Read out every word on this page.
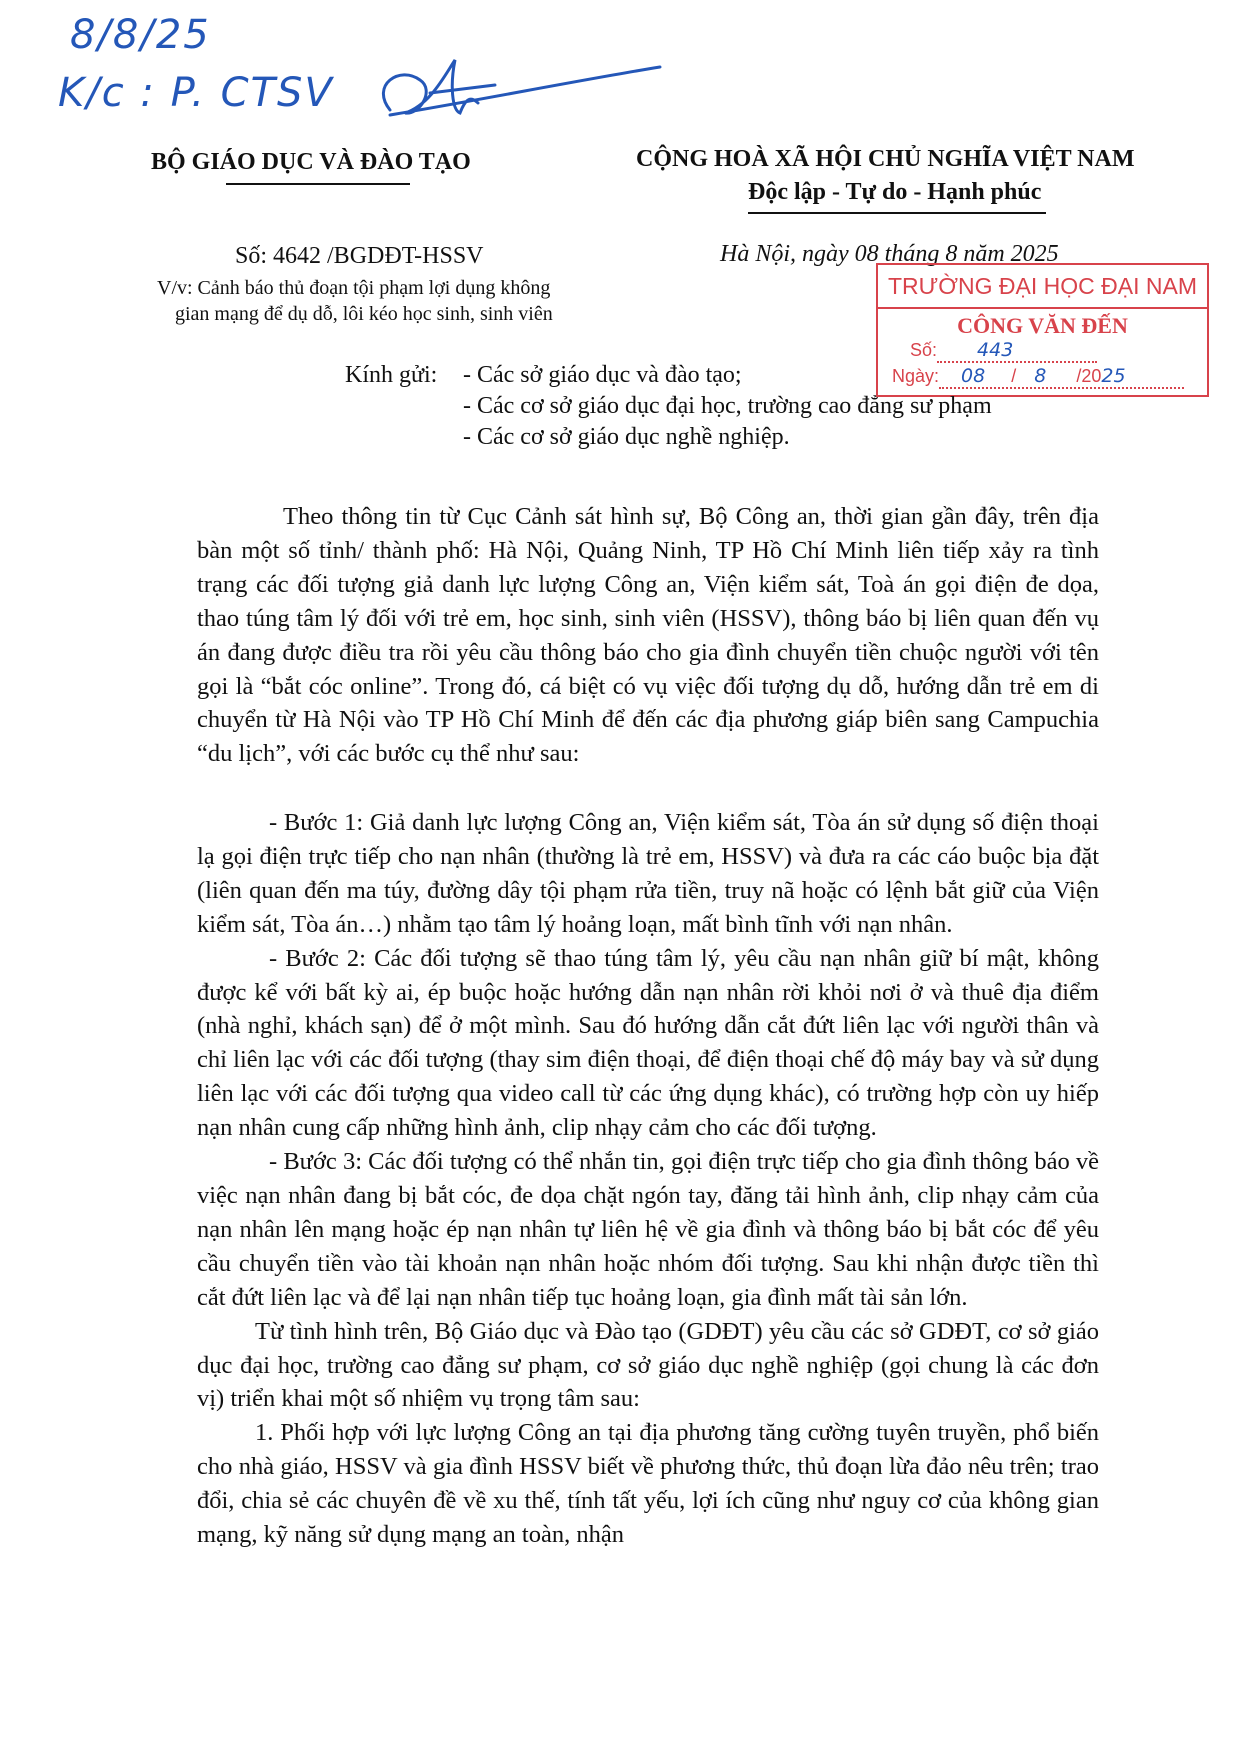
8/8/25
K/c : P. CTSV
BỘ GIÁO DỤC VÀ ĐÀO TẠO	CỘNG HOÀ XÃ HỘI CHỦ NGHĨA VIỆT NAM
Độc lập - Tự do - Hạnh phúc
Số: 4642 /BGDĐT-HSSV	Hà Nội, ngày 08 tháng 8 năm 2025
V/v: Cảnh báo thủ đoạn tội phạm lợi dụng không
gian mạng để dụ dỗ, lôi kéo học sinh, sinh viên
TRƯỜNG ĐẠI HỌC ĐẠI NAM
CÔNG VĂN ĐẾN
Số: 443
Ngày: 08 / 8 /2025
Kính gửi: - Các sở giáo dục và đào tạo;
- Các cơ sở giáo dục đại học, trường cao đẳng sư phạm
- Các cơ sở giáo dục nghề nghiệp.

Theo thông tin từ Cục Cảnh sát hình sự, Bộ Công an, thời gian gần đây, trên địa bàn một số tỉnh/ thành phố: Hà Nội, Quảng Ninh, TP Hồ Chí Minh liên tiếp xảy ra tình trạng các đối tượng giả danh lực lượng Công an, Viện kiểm sát, Toà án gọi điện đe dọa, thao túng tâm lý đối với trẻ em, học sinh, sinh viên (HSSV), thông báo bị liên quan đến vụ án đang được điều tra rồi yêu cầu thông báo cho gia đình chuyển tiền chuộc người với tên gọi là “bắt cóc online”. Trong đó, cá biệt có vụ việc đối tượng dụ dỗ, hướng dẫn trẻ em di chuyển từ Hà Nội vào TP Hồ Chí Minh để đến các địa phương giáp biên sang Campuchia “du lịch”, với các bước cụ thể như sau:

- Bước 1: Giả danh lực lượng Công an, Viện kiểm sát, Tòa án sử dụng số điện thoại lạ gọi điện trực tiếp cho nạn nhân (thường là trẻ em, HSSV) và đưa ra các cáo buộc bịa đặt (liên quan đến ma túy, đường dây tội phạm rửa tiền, truy nã hoặc có lệnh bắt giữ của Viện kiểm sát, Tòa án…) nhằm tạo tâm lý hoảng loạn, mất bình tĩnh với nạn nhân.

- Bước 2: Các đối tượng sẽ thao túng tâm lý, yêu cầu nạn nhân giữ bí mật, không được kể với bất kỳ ai, ép buộc hoặc hướng dẫn nạn nhân rời khỏi nơi ở và thuê địa điểm (nhà nghỉ, khách sạn) để ở một mình. Sau đó hướng dẫn cắt đứt liên lạc với người thân và chỉ liên lạc với các đối tượng (thay sim điện thoại, để điện thoại chế độ máy bay và sử dụng liên lạc với các đối tượng qua video call từ các ứng dụng khác), có trường hợp còn uy hiếp nạn nhân cung cấp những hình ảnh, clip nhạy cảm cho các đối tượng.

- Bước 3: Các đối tượng có thể nhắn tin, gọi điện trực tiếp cho gia đình thông báo về việc nạn nhân đang bị bắt cóc, đe dọa chặt ngón tay, đăng tải hình ảnh, clip nhạy cảm của nạn nhân lên mạng hoặc ép nạn nhân tự liên hệ về gia đình và thông báo bị bắt cóc để yêu cầu chuyển tiền vào tài khoản nạn nhân hoặc nhóm đối tượng. Sau khi nhận được tiền thì cắt đứt liên lạc và để lại nạn nhân tiếp tục hoảng loạn, gia đình mất tài sản lớn.

Từ tình hình trên, Bộ Giáo dục và Đào tạo (GDĐT) yêu cầu các sở GDĐT, cơ sở giáo dục đại học, trường cao đẳng sư phạm, cơ sở giáo dục nghề nghiệp (gọi chung là các đơn vị) triển khai một số nhiệm vụ trọng tâm sau:

1. Phối hợp với lực lượng Công an tại địa phương tăng cường tuyên truyền, phổ biến cho nhà giáo, HSSV và gia đình HSSV biết về phương thức, thủ đoạn lừa đảo nêu trên; trao đổi, chia sẻ các chuyên đề về xu thế, tính tất yếu, lợi ích cũng như nguy cơ của không gian mạng, kỹ năng sử dụng mạng an toàn, nhận
